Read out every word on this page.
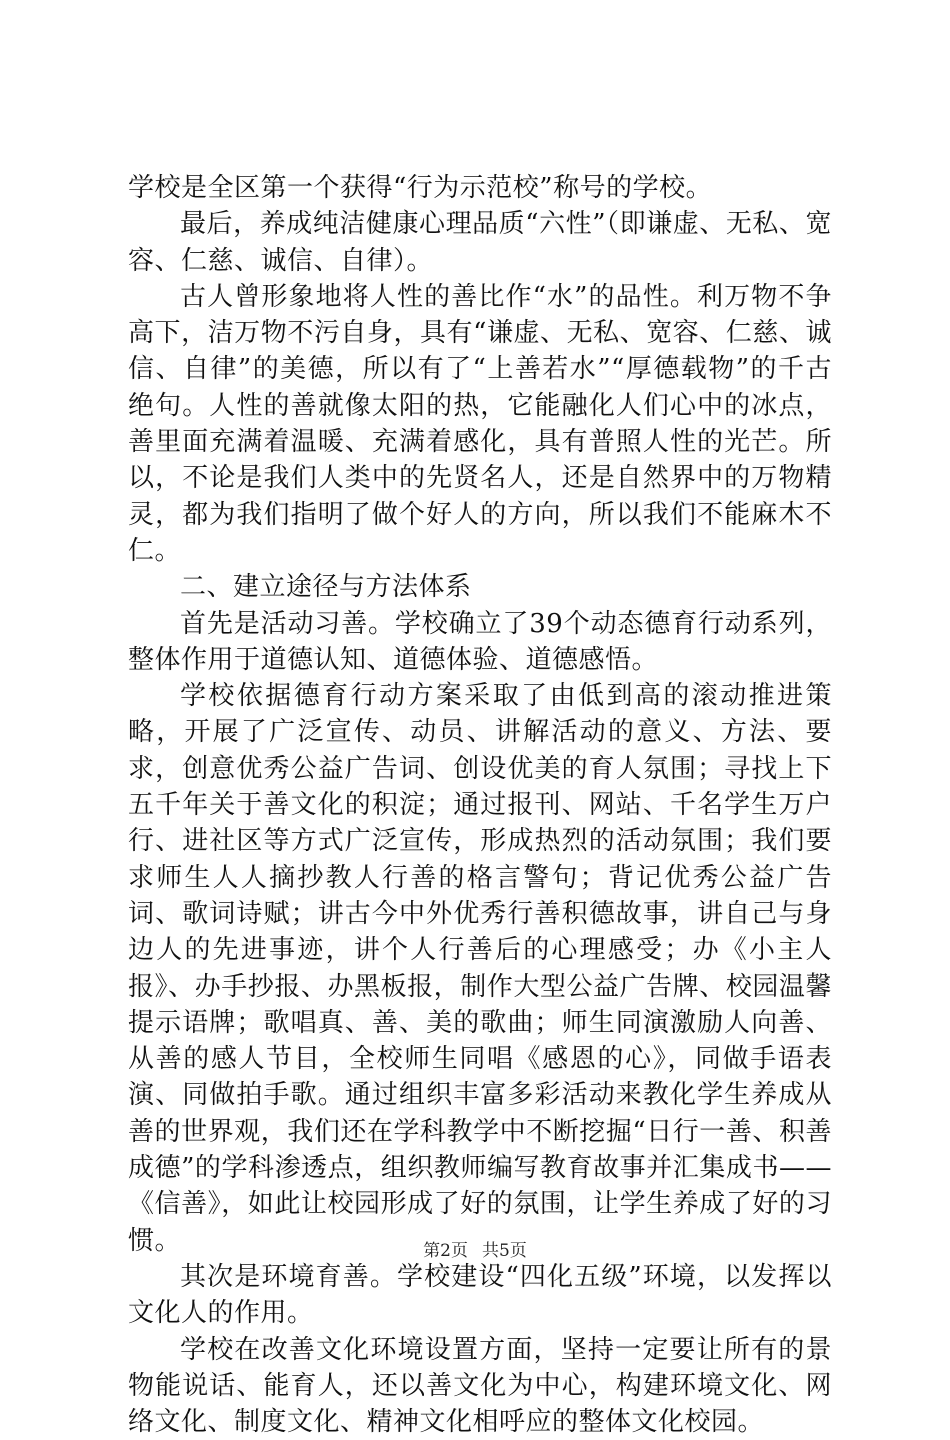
学校是全区第一个获得“行为示范校”称号的学校。

最后，养成纯洁健康心理品质“六性”（即谦虚、无私、宽容、仁慈、诚信、自律）。

古人曾形象地将人性的善比作“水”的品性。利万物不争高下，洁万物不污自身，具有“谦虚、无私、宽容、仁慈、诚信、自律”的美德，所以有了“上善若水”“厚德载物”的千古绝句。人性的善就像太阳的热，它能融化人们心中的冰点，善里面充满着温暖、充满着感化，具有普照人性的光芒。所以，不论是我们人类中的先贤名人，还是自然界中的万物精灵，都为我们指明了做个好人的方向，所以我们不能麻木不仁。

二、建立途径与方法体系

首先是活动习善。学校确立了39个动态德育行动系列，整体作用于道德认知、道德体验、道德感悟。

学校依据德育行动方案采取了由低到高的滚动推进策略，开展了广泛宣传、动员、讲解活动的意义、方法、要求，创意优秀公益广告词、创设优美的育人氛围；寻找上下五千年关于善文化的积淀；通过报刊、网站、千名学生万户行、进社区等方式广泛宣传，形成热烈的活动氛围；我们要求师生人人摘抄教人行善的格言警句；背记优秀公益广告词、歌词诗赋；讲古今中外优秀行善积德故事，讲自己与身边人的先进事迹，讲个人行善后的心理感受；办《小主人报》、办手抄报、办黑板报，制作大型公益广告牌、校园温馨提示语牌；歌唱真、善、美的歌曲；师生同演激励人向善、从善的感人节目，全校师生同唱《感恩的心》，同做手语表演、同做拍手歌。通过组织丰富多彩活动来教化学生养成从善的世界观，我们还在学科教学中不断挖掘“日行一善、积善成德”的学科渗透点，组织教师编写教育故事并汇集成书——《信善》，如此让校园形成了好的氛围，让学生养成了好的习惯。

其次是环境育善。学校建设“四化五级”环境，以发挥以文化人的作用。

学校在改善文化环境设置方面，坚持一定要让所有的景物能说话、能育人，还以善文化为中心，构建环境文化、网络文化、制度文化、精神文化相呼应的整体文化校园。

第2页 共5页
